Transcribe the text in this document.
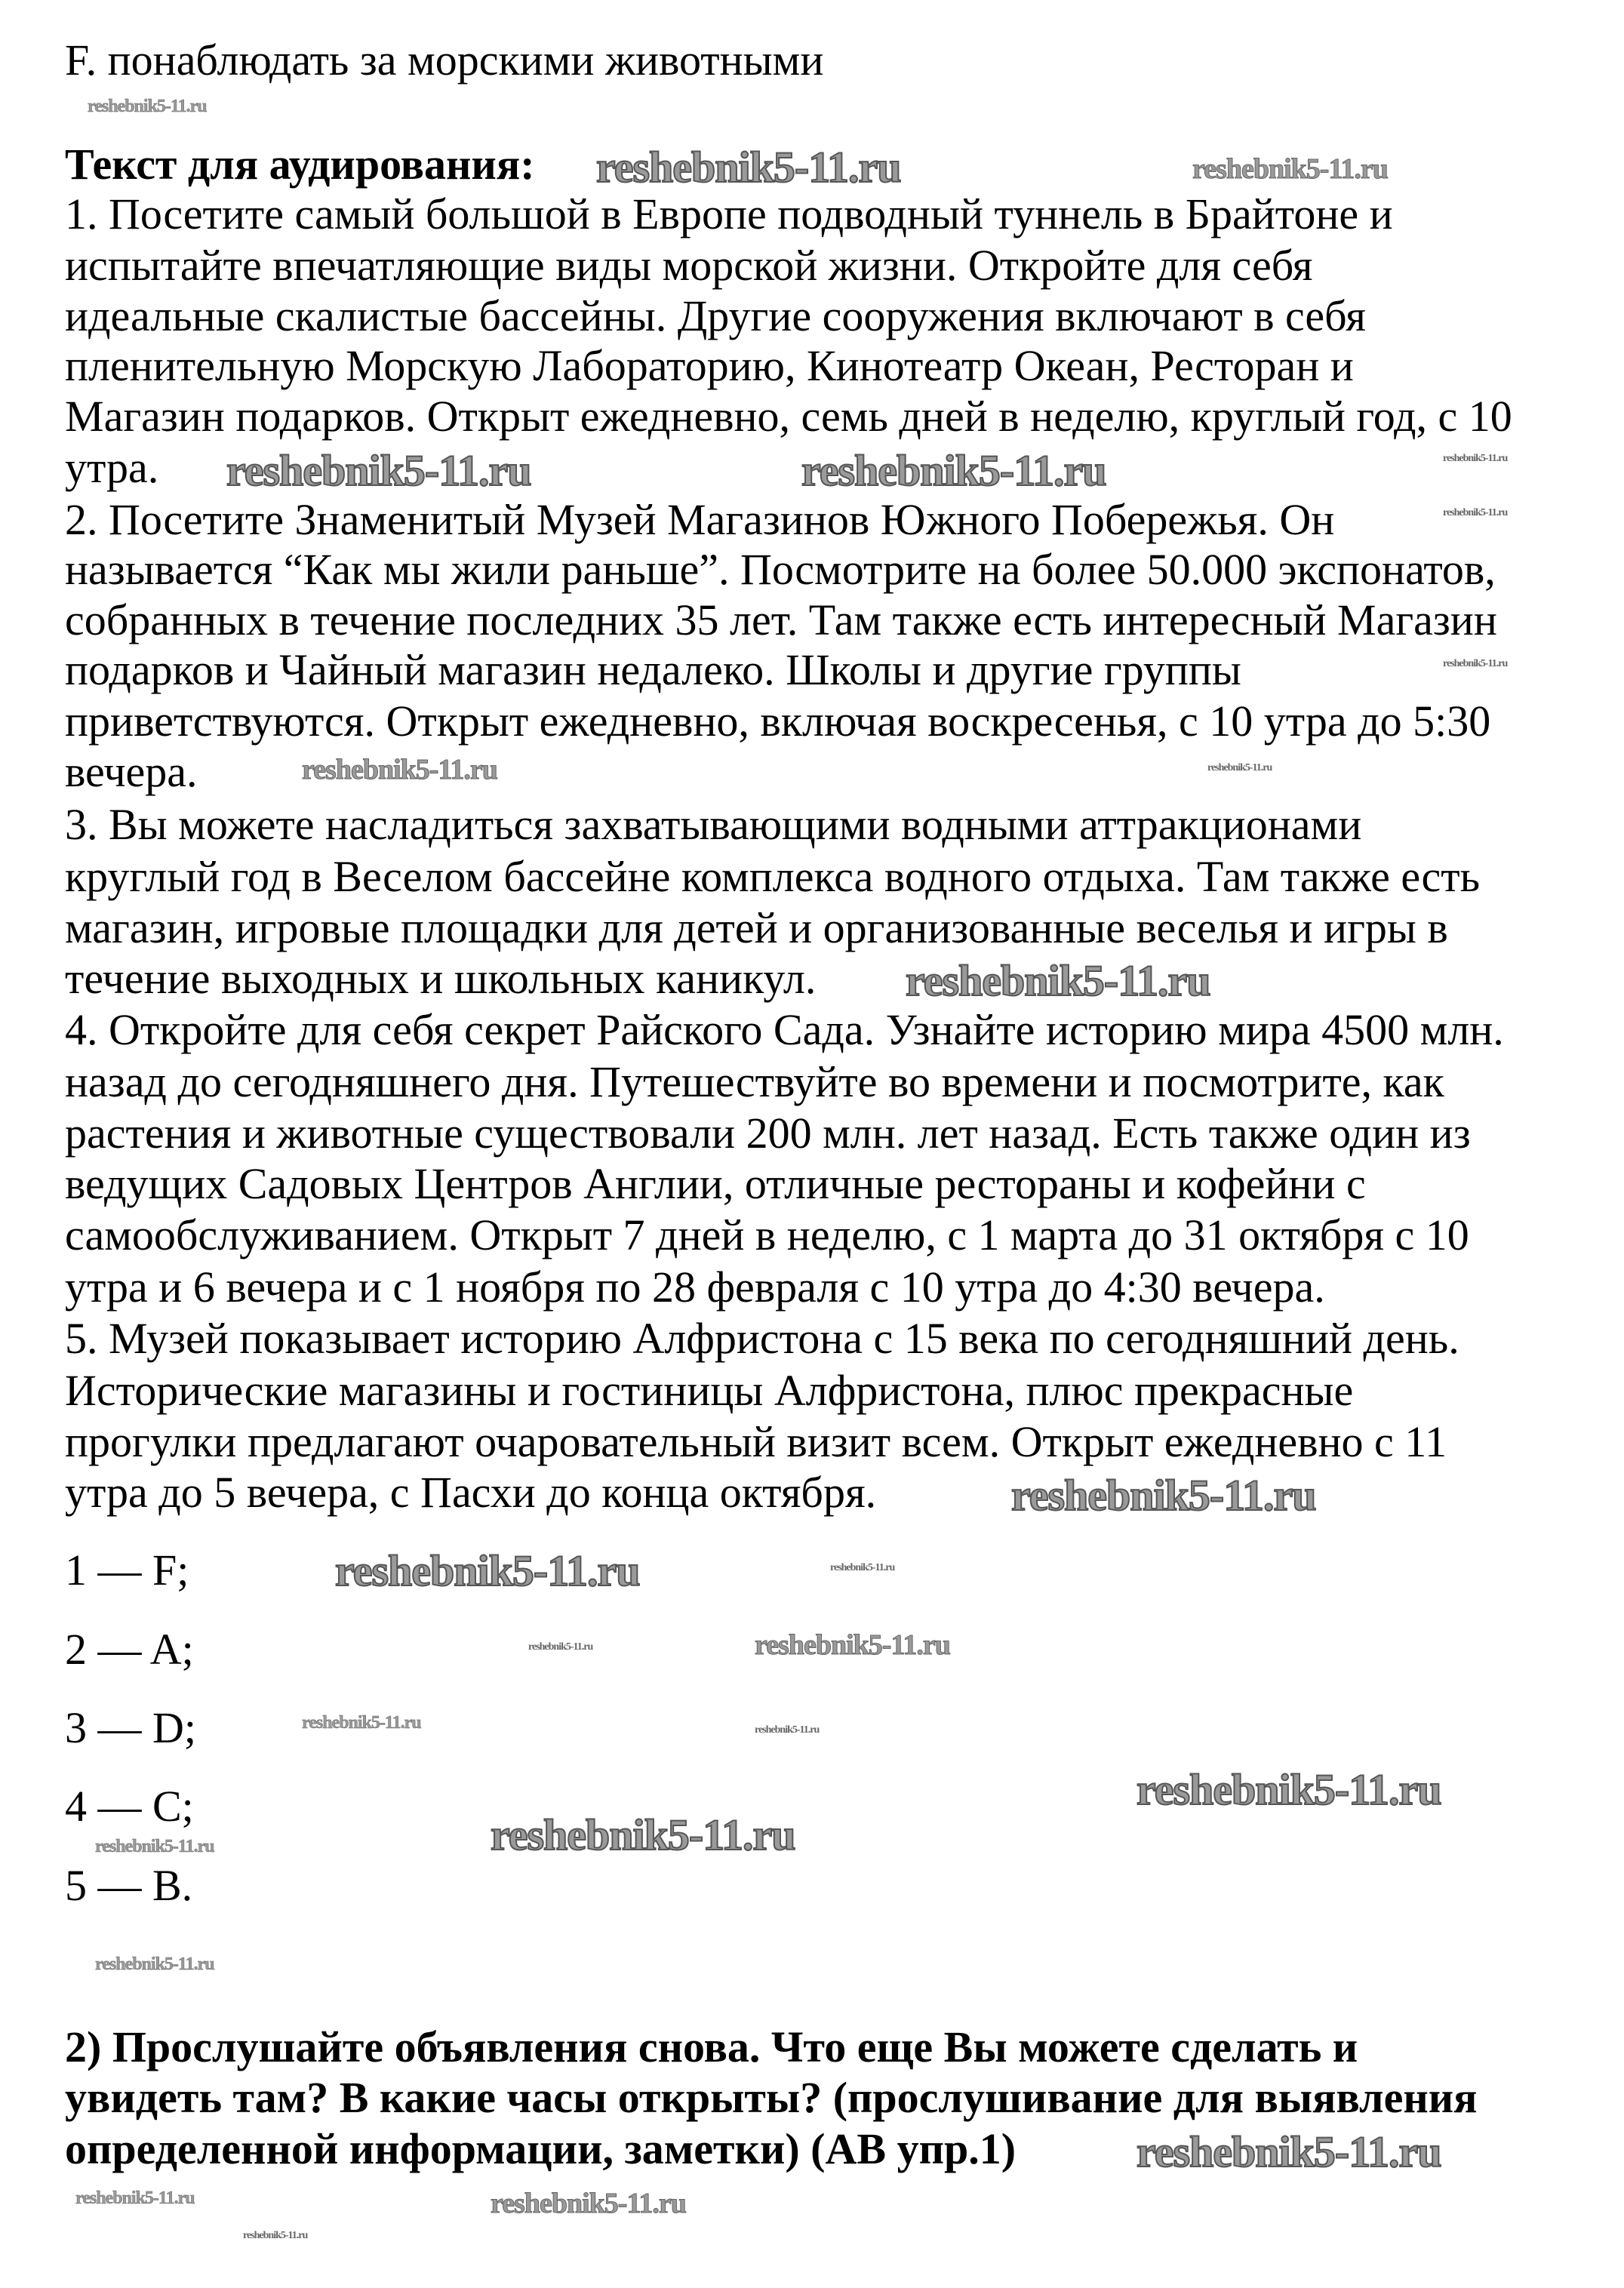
F. понаблюдать за морскими животными
Текст для аудирования:
1. Посетите самый большой в Европе подводный туннель в Брайтоне и
испытайте впечатляющие виды морской жизни. Откройте для себя
идеальные скалистые бассейны. Другие сооружения включают в себя
пленительную Морскую Лабораторию, Кинотеатр Океан, Ресторан и
Магазин подарков. Открыт ежедневно, семь дней в неделю, круглый год, с 10
утра.
2. Посетите Знаменитый Музей Магазинов Южного Побережья. Он
называется “Как мы жили раньше”. Посмотрите на более 50.000 экспонатов,
собранных в течение последних 35 лет. Там также есть интересный Магазин
подарков и Чайный магазин недалеко. Школы и другие группы
приветствуются. Открыт ежедневно, включая воскресенья, с 10 утра до 5:30
вечера.
3. Вы можете насладиться захватывающими водными аттракционами
круглый год в Веселом бассейне комплекса водного отдыха. Там также есть
магазин, игровые площадки для детей и организованные веселья и игры в
течение выходных и школьных каникул.
4. Откройте для себя секрет Райского Сада. Узнайте историю мира 4500 млн.
назад до сегодняшнего дня. Путешествуйте во времени и посмотрите, как
растения и животные существовали 200 млн. лет назад. Есть также один из
ведущих Садовых Центров Англии, отличные рестораны и кофейни с
самообслуживанием. Открыт 7 дней в неделю, с 1 марта до 31 октября с 10
утра и 6 вечера и с 1 ноября по 28 февраля с 10 утра до 4:30 вечера.
5. Музей показывает историю Алфристона с 15 века по сегодняшний день.
Исторические магазины и гостиницы Алфристона, плюс прекрасные
прогулки предлагают очаровательный визит всем. Открыт ежедневно с 11
утра до 5 вечера, с Пасхи до конца октября.
1 — F;
2 — A;
3 — D;
4 — C;
5 — B.
2) Прослушайте объявления снова. Что еще Вы можете сделать и
увидеть там? В какие часы открыты? (прослушивание для выявления
определенной информации, заметки) (AB упр.1)
reshebnik5-11.ru	reshebnik5-11.ru
reshebnik5-11.ru
reshebnik5-11.ru
reshebnik5-11.ru
reshebnik5-11.ru	reshebnik5-11.ru
reshebnik5-11.ru
reshebnik5-11.ru
reshebnik5-11.ru
reshebnik5-11.ru
reshebnik5-11.ru
reshebnik5-11.ru	reshebnik5-11.ru
reshebnik5-11.ru	reshebnik5-11.ru
reshebnik5-11.ru
reshebnik5-11.ru
reshebnik5-11.ru
reshebnik5-11.ru	reshebnik5-11.ru
reshebnik5-11.ru
reshebnik5-11.ru	reshebnik5-11.ru
reshebnik5-11.ru
reshebnik5-11.ru
